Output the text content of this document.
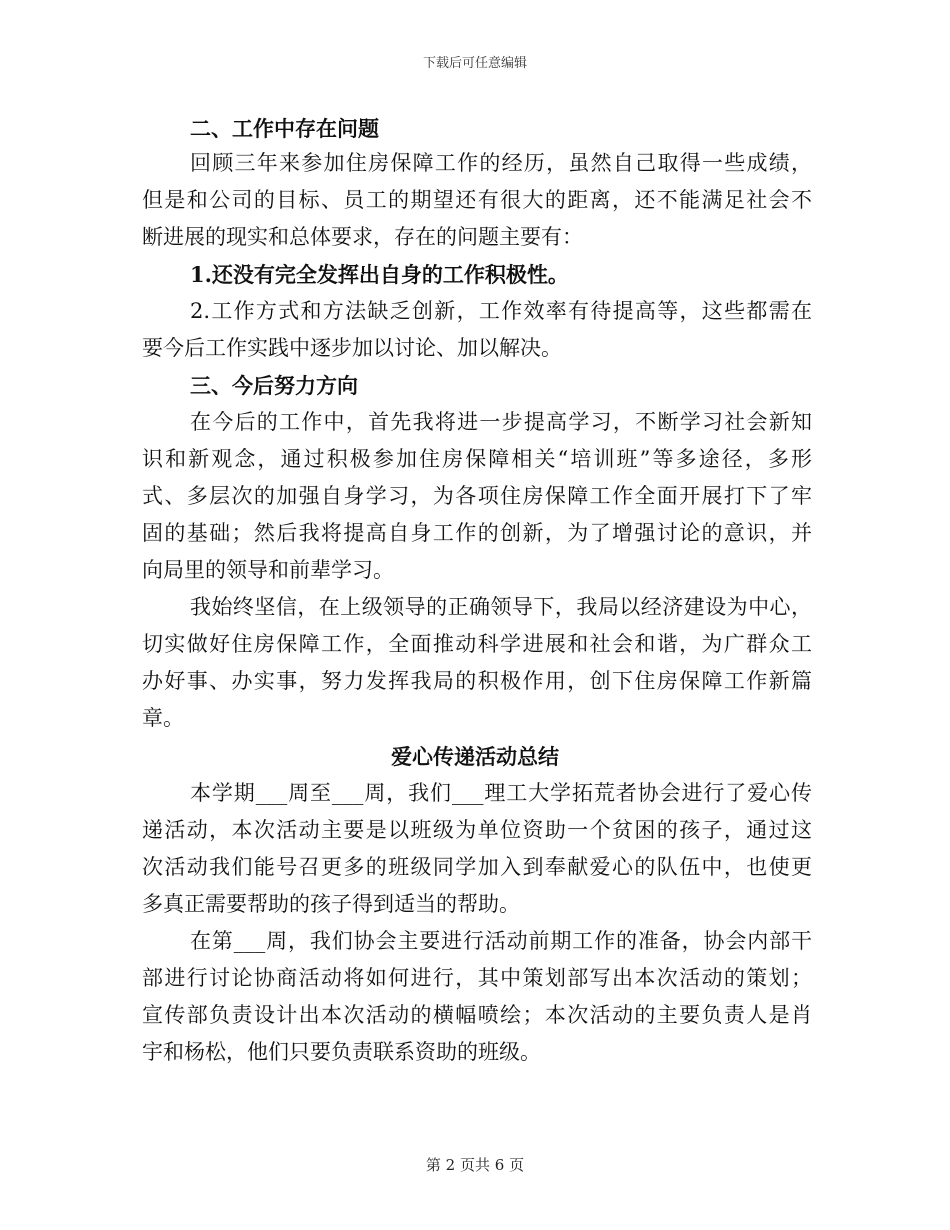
下载后可任意编辑
二、工作中存在问题
回顾三年来参加住房保障工作的经历，虽然自己取得一些成绩，
但是和公司的目标、员工的期望还有很大的距离，还不能满足社会不
断进展的现实和总体要求，存在的问题主要有：
1.还没有完全发挥出自身的工作积极性。
2.工作方式和方法缺乏创新，工作效率有待提高等，这些都需在
要今后工作实践中逐步加以讨论、加以解决。
三、今后努力方向
在今后的工作中，首先我将进一步提高学习，不断学习社会新知
识和新观念，通过积极参加住房保障相关“培训班”等多途径，多形
式、多层次的加强自身学习，为各项住房保障工作全面开展打下了牢
固的基础；然后我将提高自身工作的创新，为了增强讨论的意识，并
向局里的领导和前辈学习。
我始终坚信，在上级领导的正确领导下，我局以经济建设为中心，
切实做好住房保障工作，全面推动科学进展和社会和谐，为广群众工
办好事、办实事，努力发挥我局的积极作用，创下住房保障工作新篇
章。
爱心传递活动总结
本学期___周至___周，我们___理工大学拓荒者协会进行了爱心传
递活动，本次活动主要是以班级为单位资助一个贫困的孩子，通过这
次活动我们能号召更多的班级同学加入到奉献爱心的队伍中，也使更
多真正需要帮助的孩子得到适当的帮助。
在第___周，我们协会主要进行活动前期工作的准备，协会内部干
部进行讨论协商活动将如何进行，其中策划部写出本次活动的策划；
宣传部负责设计出本次活动的横幅喷绘；本次活动的主要负责人是肖
宇和杨松，他们只要负责联系资助的班级。
第 2 页共 6 页
